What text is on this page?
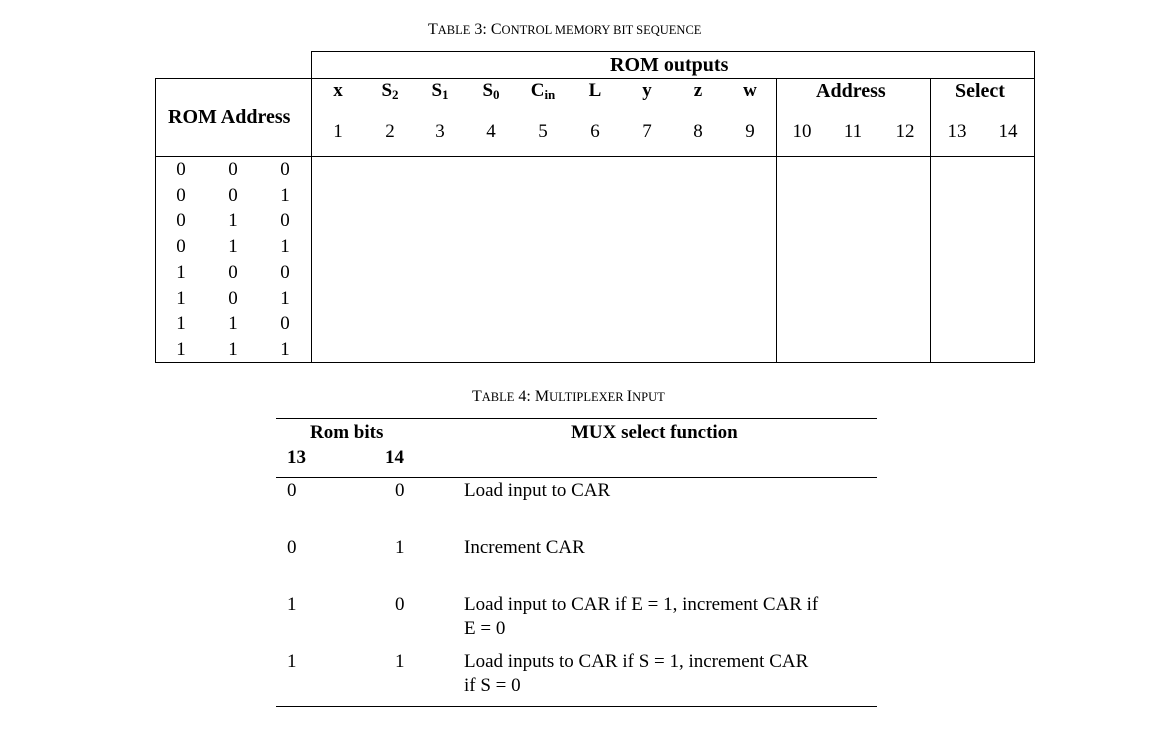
TABLE 3: CONTROL MEMORY BIT SEQUENCE
ROM outputs
ROM Address
Address	Select
x	$S_2$	$S_1$	$S_0$	$C_{in}$	L	y	z	w
1	2	3	4	5	6	7	8	9	10	11	12	13	14
0	0	0
0	0	1
0	1	0
0	1	1
1	0	0
1	0	1
1	1	0
1	1	1
TABLE 4: MULTIPLEXER INPUT
Rom bits
13	14
MUX select function
0	0	Load input to CAR
0	1	Increment CAR
1	0	Load input to CAR if E = 1, increment CAR if
E = 0
1	1	Load inputs to CAR if S = 1, increment CAR
if S = 0
